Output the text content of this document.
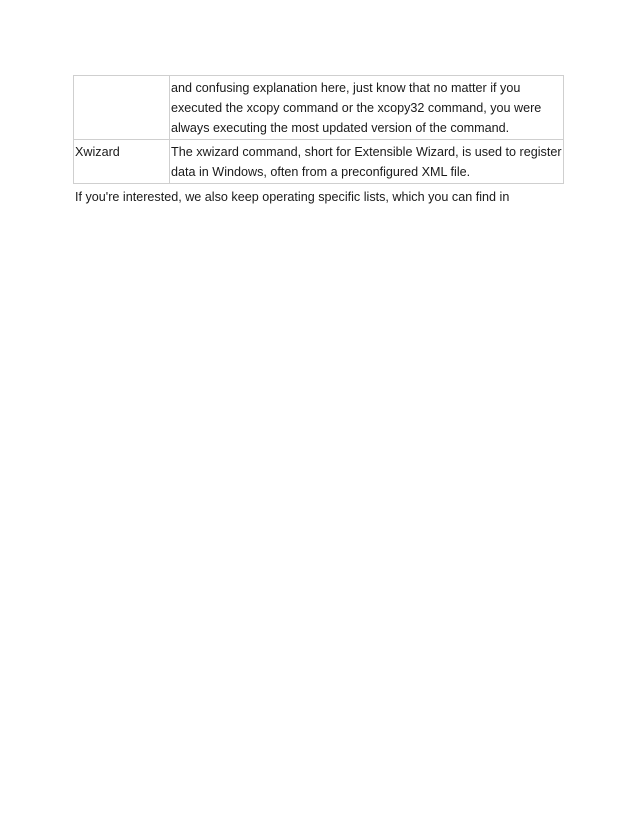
	and confusing explanation here, just know that no matter if you
executed the xcopy command or the xcopy32 command, you were
always executing the most updated version of the command.

Xwizard	The xwizard command, short for Extensible Wizard, is used to register
data in Windows, often from a preconfigured XML file.

If you're interested, we also keep operating specific lists, which you can find in
